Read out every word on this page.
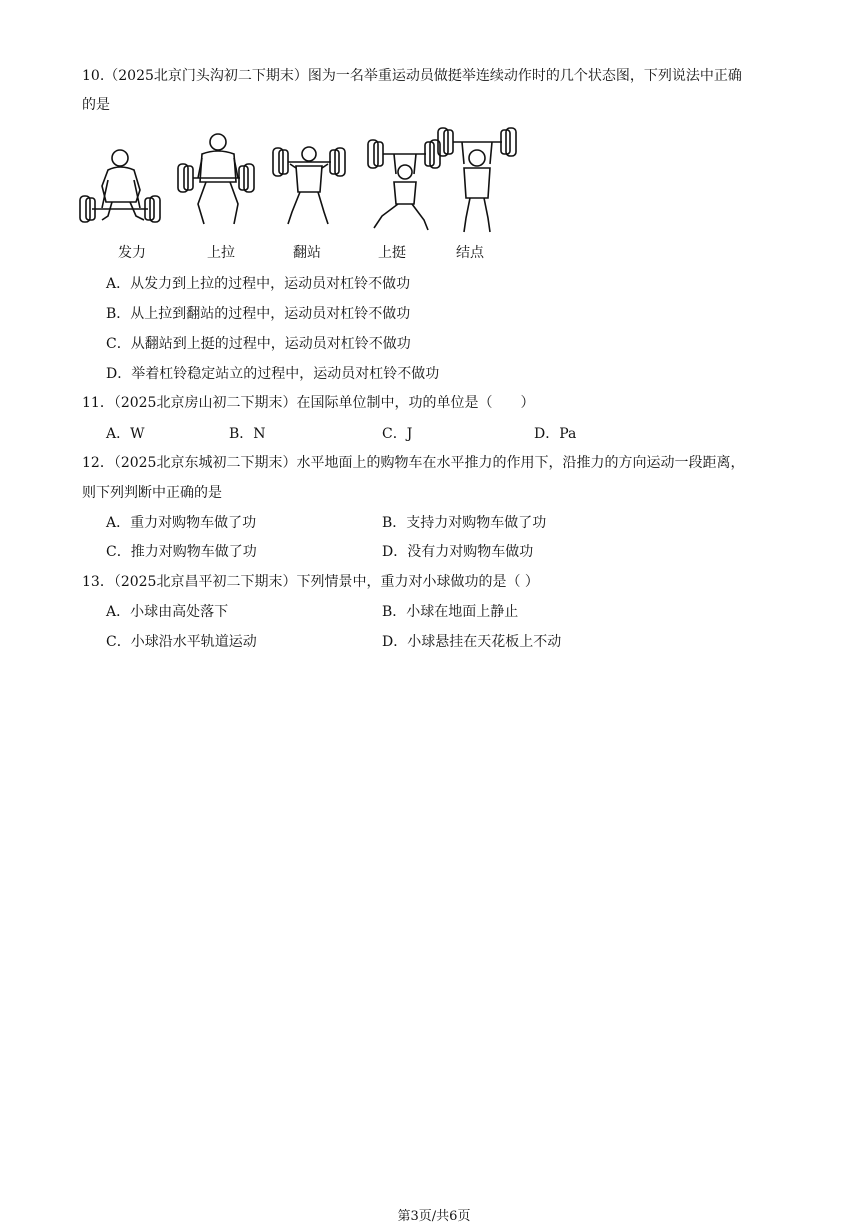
10.（2025北京门头沟初二下期末）图为一名举重运动员做挺举连续动作时的几个状态图，下列说法中正确
的是
发力	上拉	翻站	上挺	结点
A．从发力到上拉的过程中，运动员对杠铃不做功
B．从上拉到翻站的过程中，运动员对杠铃不做功
C．从翻站到上挺的过程中，运动员对杠铃不做功
D．举着杠铃稳定站立的过程中，运动员对杠铃不做功
11．（2025北京房山初二下期末）在国际单位制中，功的单位是（　　）
A．W	B．N	C．J	D．Pa
12．（2025北京东城初二下期末）水平地面上的购物车在水平推力的作用下，沿推力的方向运动一段距离，
则下列判断中正确的是
A．重力对购物车做了功	B．支持力对购物车做了功
C．推力对购物车做了功	D．没有力对购物车做功
13．（2025北京昌平初二下期末）下列情景中，重力对小球做功的是（ ）
A．小球由高处落下	B．小球在地面上静止
C．小球沿水平轨道运动	D．小球悬挂在天花板上不动
第3页/共6页
